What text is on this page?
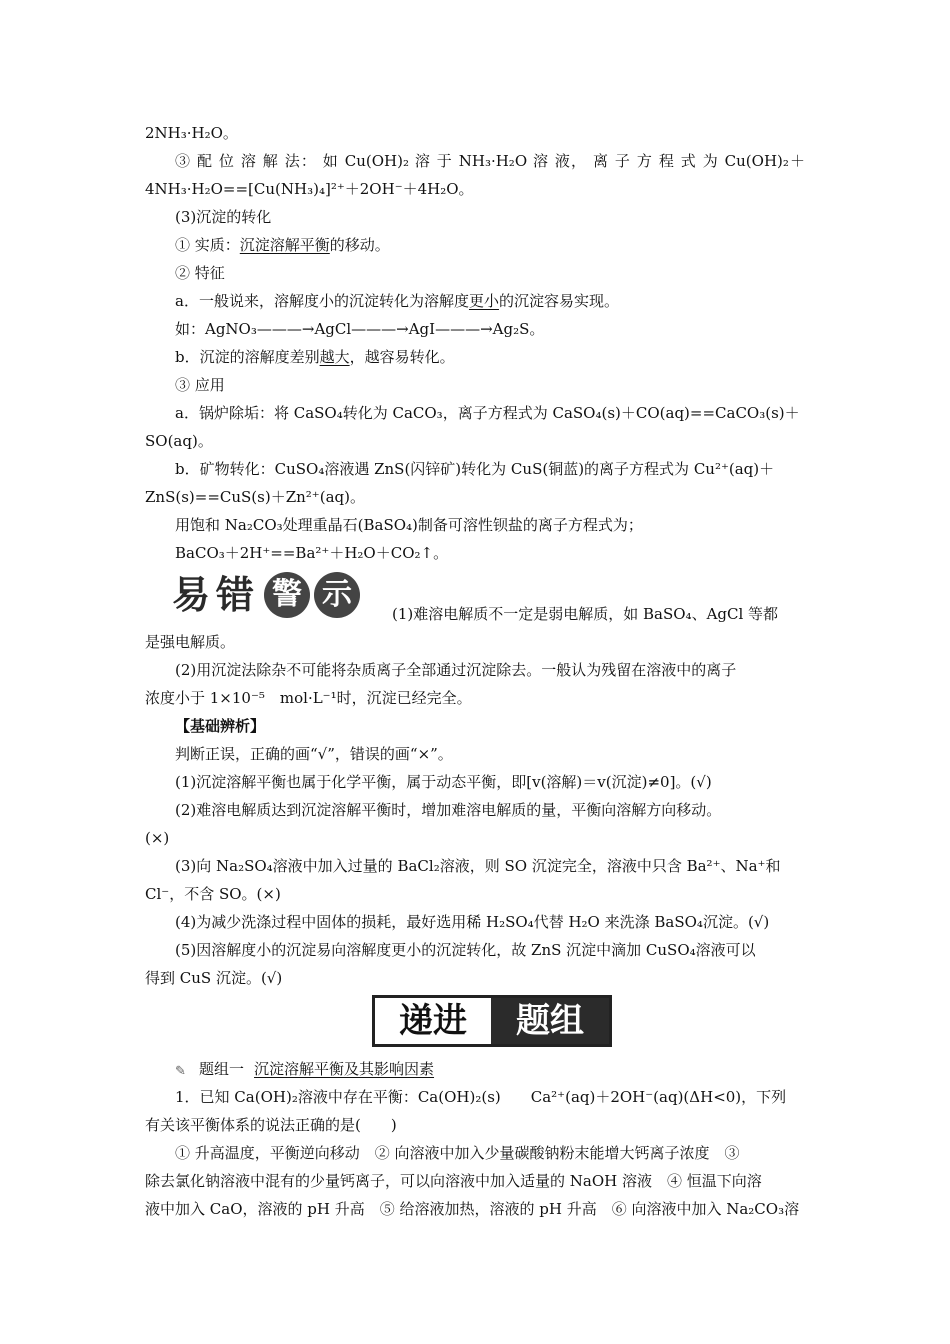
2NH₃·H₂O。
③ 配 位 溶 解 法： 如 Cu(OH)₂ 溶 于 NH₃·H₂O 溶 液， 离 子 方 程 式 为 Cu(OH)₂＋
4NH₃·H₂O==[Cu(NH₃)₄]²⁺＋2OH⁻＋4H₂O。
(3)沉淀的转化
① 实质：沉淀溶解平衡的移动。
② 特征
a．一般说来，溶解度小的沉淀转化为溶解度更小的沉淀容易实现。
如：AgNO₃———→AgCl———→AgI———→Ag₂S。
b．沉淀的溶解度差别越大，越容易转化。
③ 应用
a．锅炉除垢：将 CaSO₄转化为 CaCO₃，离子方程式为 CaSO₄(s)＋CO(aq)==CaCO₃(s)＋
SO(aq)。
b．矿物转化：CuSO₄溶液遇 ZnS(闪锌矿)转化为 CuS(铜蓝)的离子方程式为 Cu²⁺(aq)＋
ZnS(s)==CuS(s)＋Zn²⁺(aq)。
用饱和 Na₂CO₃处理重晶石(BaSO₄)制备可溶性钡盐的离子方程式为；
BaCO₃＋2H⁺==Ba²⁺＋H₂O＋CO₂↑。
易 错 警 示
(1)难溶电解质不一定是弱电解质，如 BaSO₄、AgCl 等都
是强电解质。
(2)用沉淀法除杂不可能将杂质离子全部通过沉淀除去。一般认为残留在溶液中的离子
浓度小于 1×10⁻⁵　mol·L⁻¹时，沉淀已经完全。
【基础辨析】
判断正误，正确的画“√”，错误的画“×”。
(1)沉淀溶解平衡也属于化学平衡，属于动态平衡，即[v(溶解)＝v(沉淀)≠0]。(√)
(2)难溶电解质达到沉淀溶解平衡时，增加难溶电解质的量，平衡向溶解方向移动。
(×)
(3)向 Na₂SO₄溶液中加入过量的 BaCl₂溶液，则 SO 沉淀完全，溶液中只含 Ba²⁺、Na⁺和
Cl⁻，不含 SO。(×)
(4)为减少洗涤过程中固体的损耗，最好选用稀 H₂SO₄代替 H₂O 来洗涤 BaSO₄沉淀。(√)
(5)因溶解度小的沉淀易向溶解度更小的沉淀转化，故 ZnS 沉淀中滴加 CuSO₄溶液可以
得到 CuS 沉淀。(√)
递进	题组
✎ 题组一 沉淀溶解平衡及其影响因素
1．已知 Ca(OH)₂溶液中存在平衡：Ca(OH)₂(s)　　Ca²⁺(aq)＋2OH⁻(aq)(ΔH<0)，下列
有关该平衡体系的说法正确的是(　　)
① 升高温度，平衡逆向移动　② 向溶液中加入少量碳酸钠粉末能增大钙离子浓度　③
除去氯化钠溶液中混有的少量钙离子，可以向溶液中加入适量的 NaOH 溶液　④ 恒温下向溶
液中加入 CaO，溶液的 pH 升高　⑤ 给溶液加热，溶液的 pH 升高　⑥ 向溶液中加入 Na₂CO₃溶
